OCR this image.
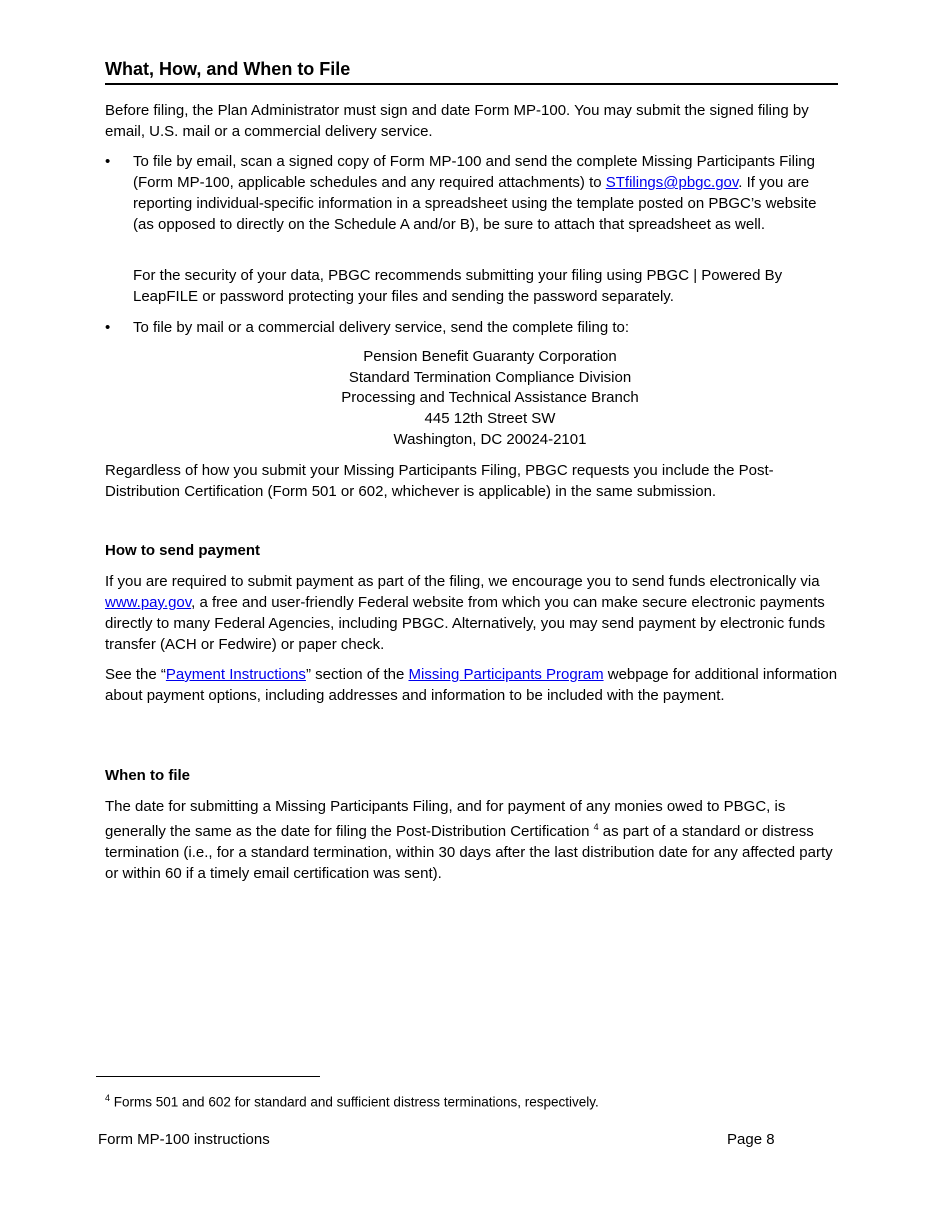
What, How, and When to File
Before filing, the Plan Administrator must sign and date Form MP-100. You may submit the signed filing by email, U.S. mail or a commercial delivery service.
• To file by email, scan a signed copy of Form MP-100 and send the complete Missing Participants Filing (Form MP-100, applicable schedules and any required attachments) to STfilings@pbgc.gov. If you are reporting individual-specific information in a spreadsheet using the template posted on PBGC’s website (as opposed to directly on the Schedule A and/or B), be sure to attach that spreadsheet as well.
For the security of your data, PBGC recommends submitting your filing using PBGC | Powered By LeapFILE or password protecting your files and sending the password separately.
• To file by mail or a commercial delivery service, send the complete filing to:
Pension Benefit Guaranty Corporation
Standard Termination Compliance Division
Processing and Technical Assistance Branch
445 12th Street SW
Washington, DC 20024-2101
Regardless of how you submit your Missing Participants Filing, PBGC requests you include the Post-Distribution Certification (Form 501 or 602, whichever is applicable) in the same submission.
How to send payment
If you are required to submit payment as part of the filing, we encourage you to send funds electronically via www.pay.gov, a free and user-friendly Federal website from which you can make secure electronic payments directly to many Federal Agencies, including PBGC. Alternatively, you may send payment by electronic funds transfer (ACH or Fedwire) or paper check.
See the “Payment Instructions” section of the Missing Participants Program webpage for additional information about payment options, including addresses and information to be included with the payment.
When to file
The date for submitting a Missing Participants Filing, and for payment of any monies owed to PBGC, is generally the same as the date for filing the Post-Distribution Certification $^4$ as part of a standard or distress termination (i.e., for a standard termination, within 30 days after the last distribution date for any affected party or within 60 if a timely email certification was sent).
$^4$ Forms 501 and 602 for standard and sufficient distress terminations, respectively.
Form MP-100 instructions	Page 8
